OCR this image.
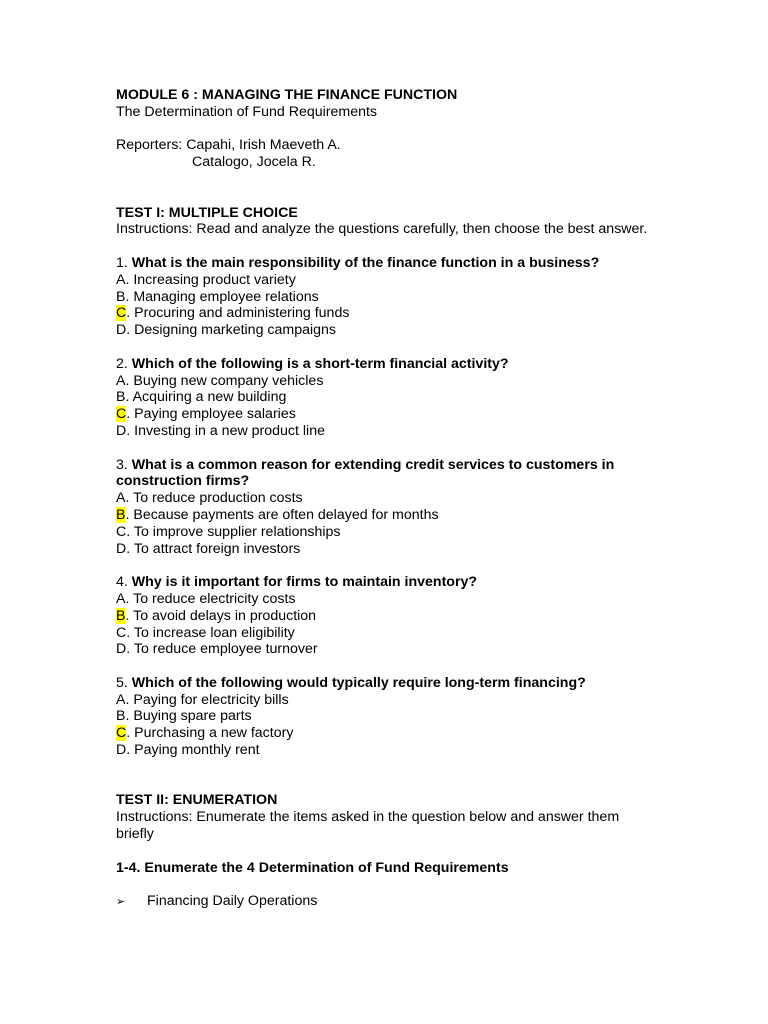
MODULE 6 : MANAGING THE FINANCE FUNCTION
The Determination of Fund Requirements
Reporters: Capahi, Irish Maeveth A.
Catalogo, Jocela R.
TEST I: MULTIPLE CHOICE
Instructions: Read and analyze the questions carefully, then choose the best answer.
1. What is the main responsibility of the finance function in a business?
A. Increasing product variety
B. Managing employee relations
C. Procuring and administering funds
D. Designing marketing campaigns
2. Which of the following is a short-term financial activity?
A. Buying new company vehicles
B. Acquiring a new building
C. Paying employee salaries
D. Investing in a new product line
3. What is a common reason for extending credit services to customers in construction firms?
A. To reduce production costs
B. Because payments are often delayed for months
C. To improve supplier relationships
D. To attract foreign investors
4. Why is it important for firms to maintain inventory?
A. To reduce electricity costs
B. To avoid delays in production
C. To increase loan eligibility
D. To reduce employee turnover
5. Which of the following would typically require long-term financing?
A. Paying for electricity bills
B. Buying spare parts
C. Purchasing a new factory
D. Paying monthly rent
TEST II: ENUMERATION
Instructions: Enumerate the items asked in the question below and answer them briefly
1-4. Enumerate the 4 Determination of Fund Requirements
➢	Financing Daily Operations
